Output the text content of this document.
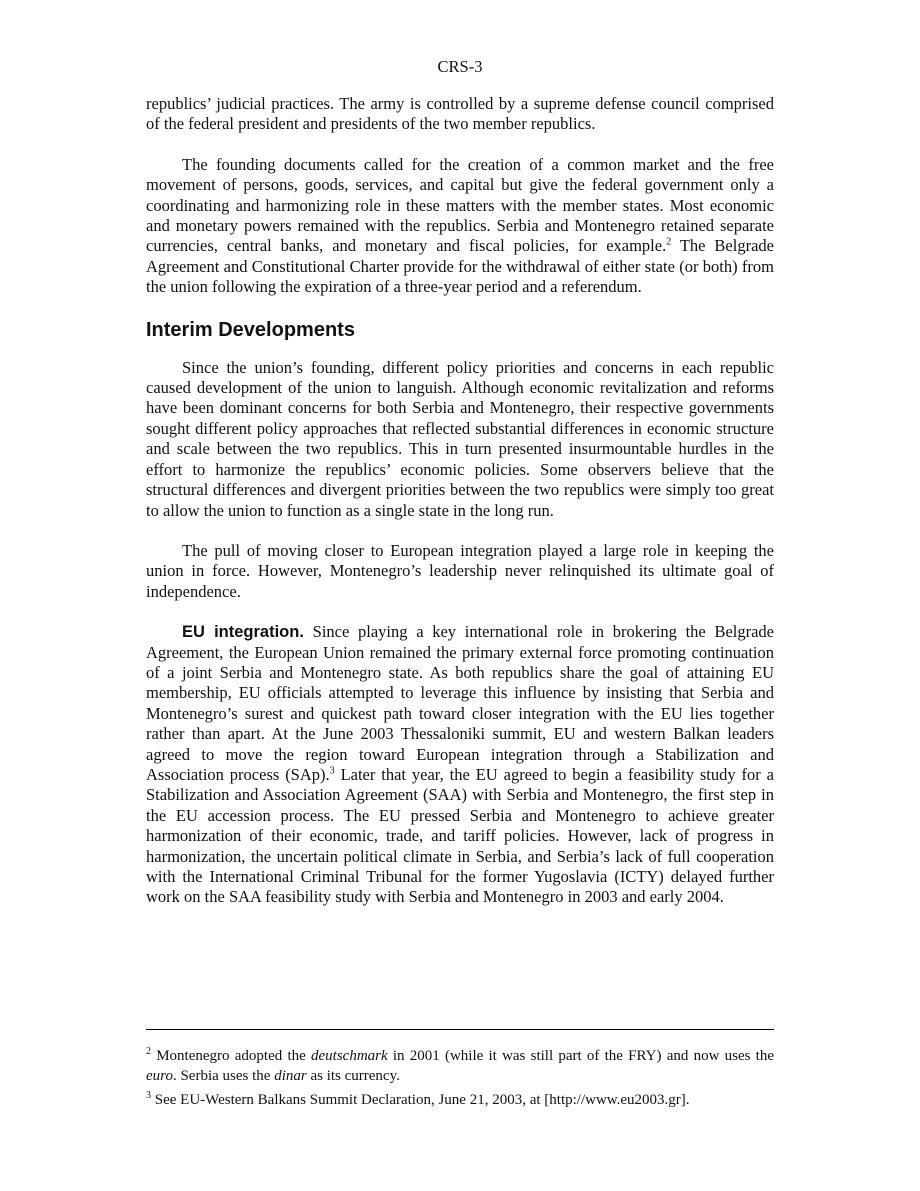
CRS-3

republics’ judicial practices. The army is controlled by a supreme defense council comprised of the federal president and presidents of the two member republics.

The founding documents called for the creation of a common market and the free movement of persons, goods, services, and capital but give the federal government only a coordinating and harmonizing role in these matters with the member states. Most economic and monetary powers remained with the republics. Serbia and Montenegro retained separate currencies, central banks, and monetary and fiscal policies, for example.$^2$ The Belgrade Agreement and Constitutional Charter provide for the withdrawal of either state (or both) from the union following the expiration of a three-year period and a referendum.

Interim Developments

Since the union’s founding, different policy priorities and concerns in each republic caused development of the union to languish. Although economic revitalization and reforms have been dominant concerns for both Serbia and Montenegro, their respective governments sought different policy approaches that reflected substantial differences in economic structure and scale between the two republics. This in turn presented insurmountable hurdles in the effort to harmonize the republics’ economic policies. Some observers believe that the structural differences and divergent priorities between the two republics were simply too great to allow the union to function as a single state in the long run.

The pull of moving closer to European integration played a large role in keeping the union in force. However, Montenegro’s leadership never relinquished its ultimate goal of independence.

EU integration. Since playing a key international role in brokering the Belgrade Agreement, the European Union remained the primary external force promoting continuation of a joint Serbia and Montenegro state. As both republics share the goal of attaining EU membership, EU officials attempted to leverage this influence by insisting that Serbia and Montenegro’s surest and quickest path toward closer integration with the EU lies together rather than apart. At the June 2003 Thessaloniki summit, EU and western Balkan leaders agreed to move the region toward European integration through a Stabilization and Association process (SAp).$^3$ Later that year, the EU agreed to begin a feasibility study for a Stabilization and Association Agreement (SAA) with Serbia and Montenegro, the first step in the EU accession process. The EU pressed Serbia and Montenegro to achieve greater harmonization of their economic, trade, and tariff policies. However, lack of progress in harmonization, the uncertain political climate in Serbia, and Serbia’s lack of full cooperation with the International Criminal Tribunal for the former Yugoslavia (ICTY) delayed further work on the SAA feasibility study with Serbia and Montenegro in 2003 and early 2004.

$^2$ Montenegro adopted the deutschmark in 2001 (while it was still part of the FRY) and now uses the euro. Serbia uses the dinar as its currency.

$^3$ See EU-Western Balkans Summit Declaration, June 21, 2003, at [http://www.eu2003.gr].
